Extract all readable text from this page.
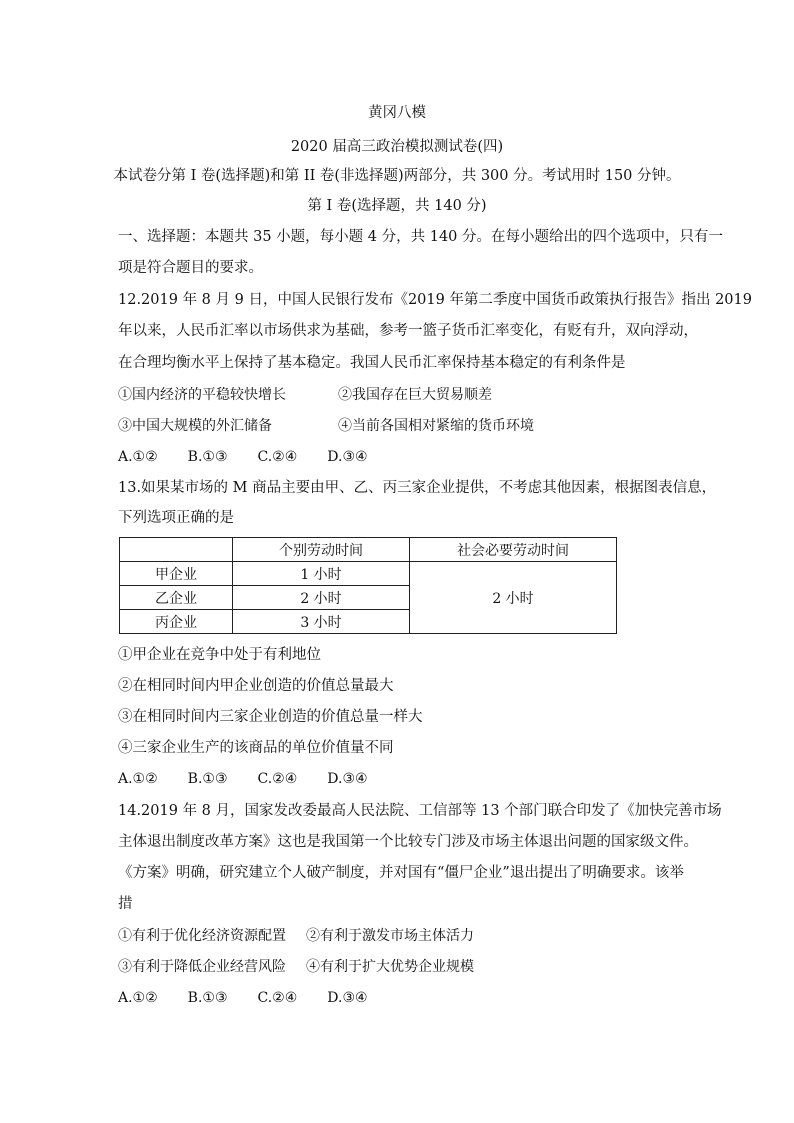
黄冈八模
2020 届高三政治模拟测试卷(四)
本试卷分第 I 卷(选择题)和第 II 卷(非选择题)两部分，共 300 分。考试用时 150 分钟。
第 I 卷(选择题，共 140 分)
一、选择题：本题共 35 小题，每小题 4 分，共 140 分。在每小题给出的四个选项中，只有一
项是符合题目的要求。
12.2019 年 8 月 9 日，中国人民银行发布《2019 年第二季度中国货币政策执行报告》指出 2019
年以来，人民币汇率以市场供求为基础，参考一篮子货币汇率变化，有贬有升，双向浮动，
在合理均衡水平上保持了基本稳定。我国人民币汇率保持基本稳定的有利条件是
①国内经济的平稳较快增长	②我国存在巨大贸易顺差
③中国大规模的外汇储备	④当前各国相对紧缩的货币环境
A.①② B.①③ C.②④ D.③④
13.如果某市场的 M 商品主要由甲、乙、丙三家企业提供，不考虑其他因素，根据图表信息，
下列选项正确的是
	个别劳动时间	社会必要劳动时间
甲企业	1 小时	2 小时
乙企业	2 小时	
丙企业	3 小时	
①甲企业在竞争中处于有利地位
②在相同时间内甲企业创造的价值总量最大
③在相同时间内三家企业创造的价值总量一样大
④三家企业生产的该商品的单位价值量不同
A.①② B.①③ C.②④ D.③④
14.2019 年 8 月，国家发改委最高人民法院、工信部等 13 个部门联合印发了《加快完善市场
主体退出制度改革方案》这也是我国第一个比较专门涉及市场主体退出问题的国家级文件。
《方案》明确，研究建立个人破产制度，并对国有“僵尸企业”退出提出了明确要求。该举
措
①有利于优化经济资源配置 ②有利于激发市场主体活力
③有利于降低企业经营风险 ④有利于扩大优势企业规模
A.①② B.①③ C.②④ D.③④
